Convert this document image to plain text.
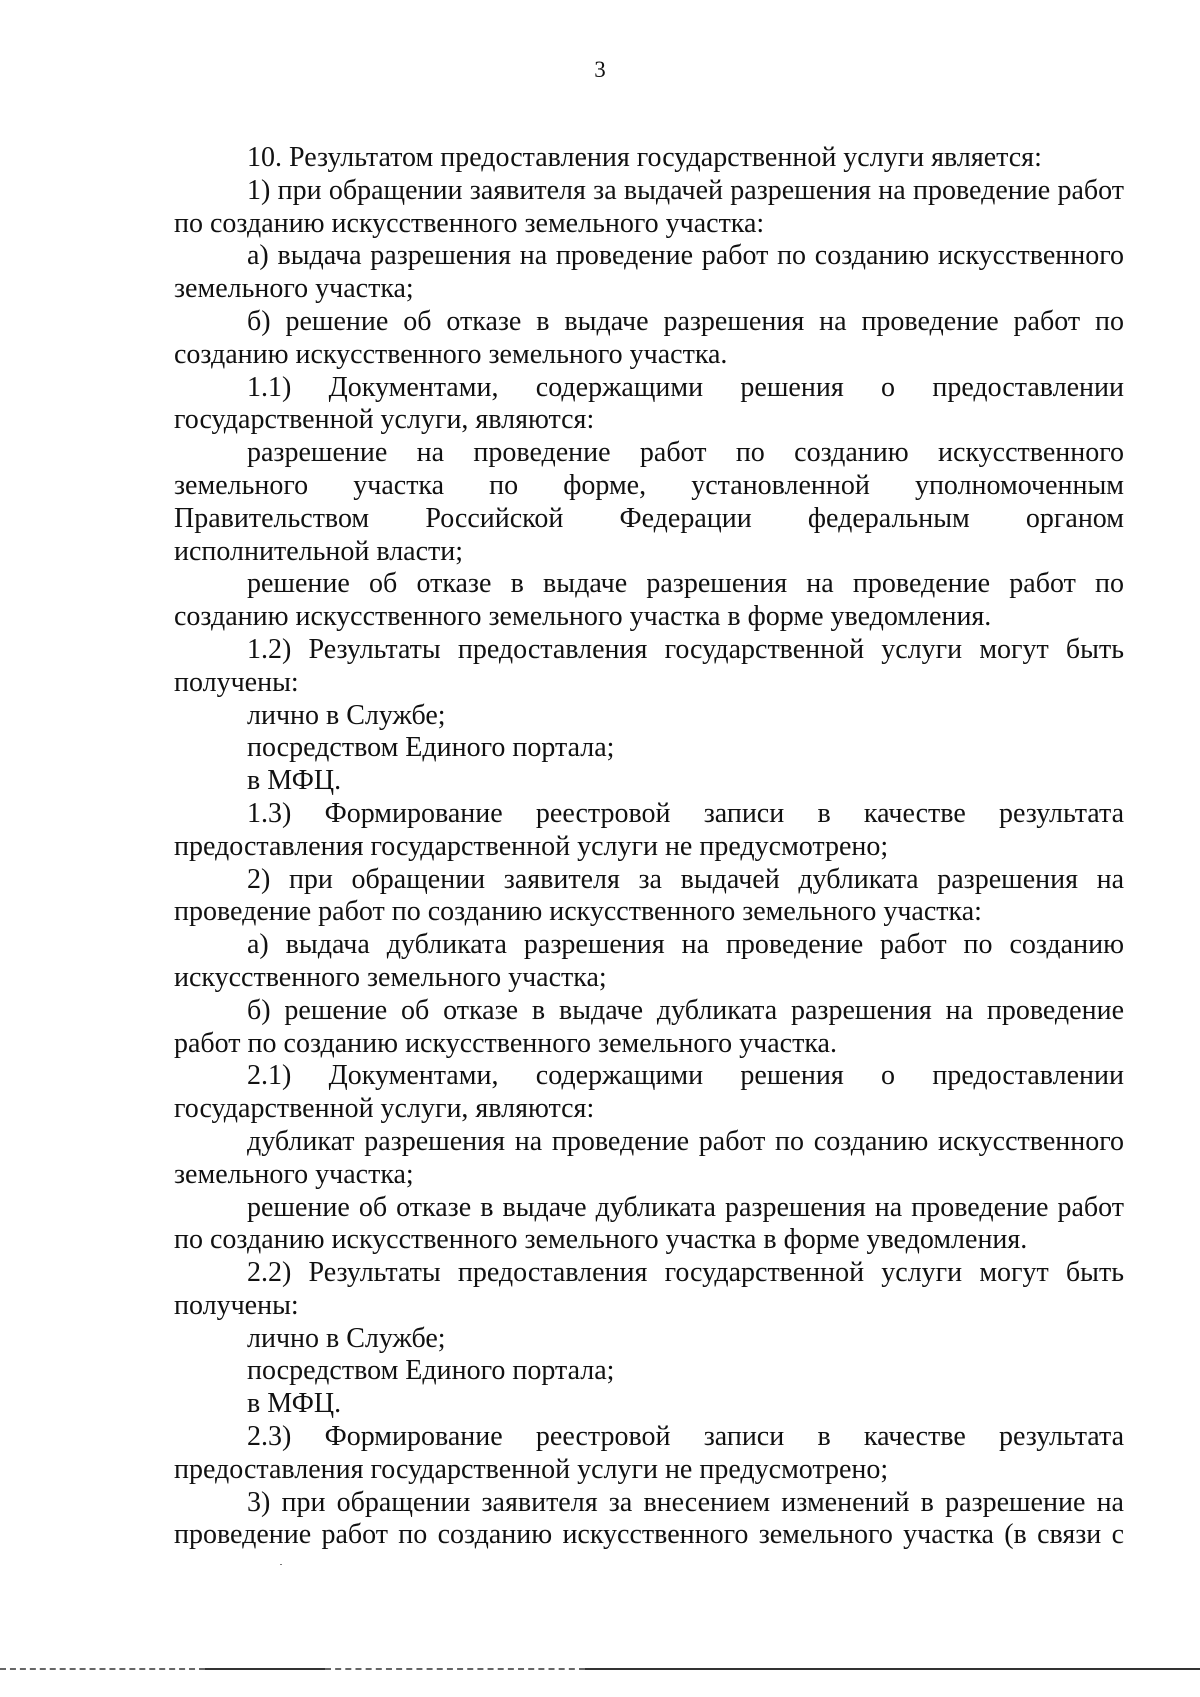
3

10. Результатом предоставления государственной услуги является:

1) при обращении заявителя за выдачей разрешения на проведение работ по созданию искусственного земельного участка:

а) выдача разрешения на проведение работ по созданию искусственного земельного участка;

б) решение об отказе в выдаче разрешения на проведение работ по созданию искусственного земельного участка.

1.1) Документами, содержащими решения о предоставлении государственной услуги, являются:

разрешение на проведение работ по созданию искусственного земельного участка по форме, установленной уполномоченным Правительством Российской Федерации федеральным органом исполнительной власти;

решение об отказе в выдаче разрешения на проведение работ по созданию искусственного земельного участка в форме уведомления.

1.2) Результаты предоставления государственной услуги могут быть получены:

лично в Службе;

посредством Единого портала;

в МФЦ.

1.3) Формирование реестровой записи в качестве результата предоставления государственной услуги не предусмотрено;

2) при обращении заявителя за выдачей дубликата разрешения на проведение работ по созданию искусственного земельного участка:

а) выдача дубликата разрешения на проведение работ по созданию искусственного земельного участка;

б) решение об отказе в выдаче дубликата разрешения на проведение работ по созданию искусственного земельного участка.

2.1) Документами, содержащими решения о предоставлении государственной услуги, являются:

дубликат разрешения на проведение работ по созданию искусственного земельного участка;

решение об отказе в выдаче дубликата разрешения на проведение работ по созданию искусственного земельного участка в форме уведомления.

2.2) Результаты предоставления государственной услуги могут быть получены:

лично в Службе;

посредством Единого портала;

в МФЦ.

2.3) Формирование реестровой записи в качестве результата предоставления государственной услуги не предусмотрено;

3) при обращении заявителя за внесением изменений в разрешение на проведение работ по созданию искусственного земельного участка (в связи с
